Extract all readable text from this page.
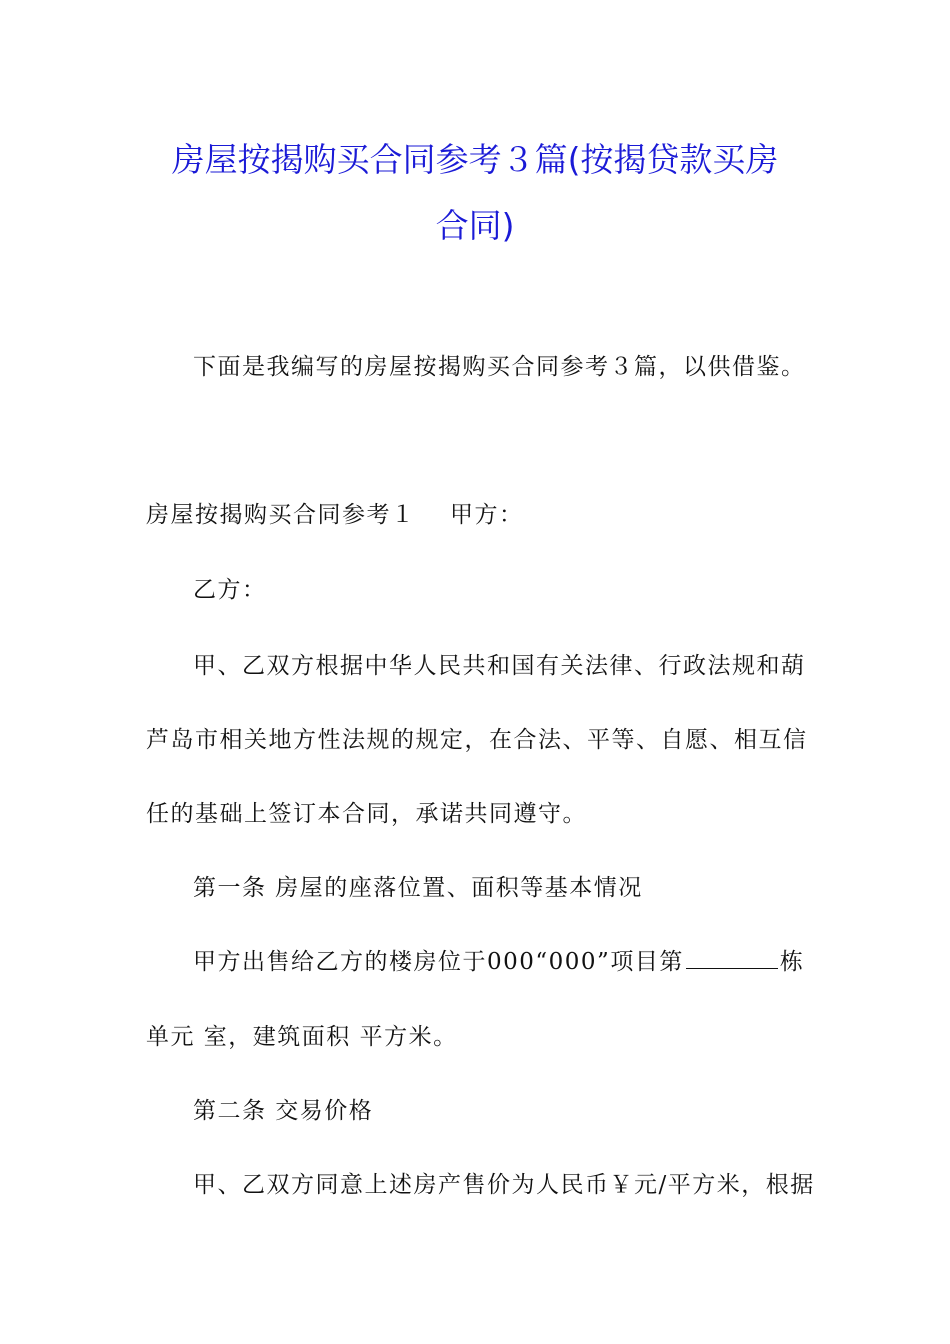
房屋按揭购买合同参考３篇(按揭贷款买房
合同)
下面是我编写的房屋按揭购买合同参考３篇，以供借鉴。
房屋按揭购买合同参考１ 甲方：
乙方：
甲、乙双方根据中华人民共和国有关法律、行政法规和葫
芦岛市相关地方性法规的规定，在合法、平等、自愿、相互信
任的基础上签订本合同，承诺共同遵守。
第一条 房屋的座落位置、面积等基本情况
甲方出售给乙方的楼房位于000“000”项目第	栋
单元 室，建筑面积 平方米。
第二条 交易价格
甲、乙双方同意上述房产售价为人民币￥元/平方米，根据
